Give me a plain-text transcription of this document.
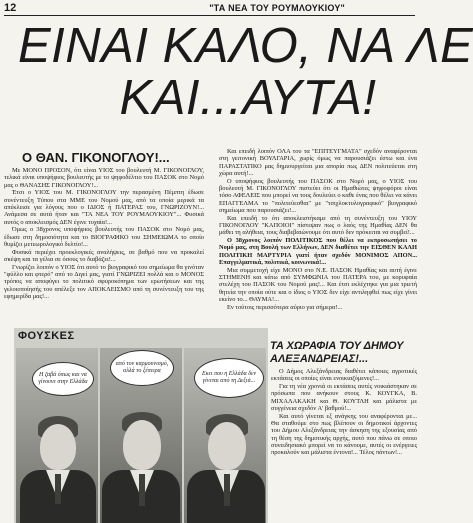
12	"ΤΑ ΝΕΑ ΤΟΥ ΡΟΥΜΛΟΥΚΙΟΥ"
ΕΙΝΑΙ ΚΑΛΟ, ΝΑ ΛΕ
ΚΑΙ...ΑΥΤΑ!
Ο ΘΑΝ. ΓΙΚΟΝΟΓΛΟΥ!...

Με ΜΟΝΟ ΠΡΟΣΟΝ, ότι είναι ΥΙΟΣ του βουλευτή Μ. ΓΙΚΟΝΟΓΛΟΥ, τελικά είναι υποψήφιος βουλευτής με το ψηφοδέλτιο του ΠΑΣΟΚ στο Νομό μας ο ΘΑΝΑΣΗΣ ΓΙΚΟΝΟΓΛΟΥ!...

Έτσι ο ΥΙΟΣ του Μ. ΓΙΚΟΝΟΓΛΟΥ την περασμένη Πέμπτη έδωσε συνέντευξη Τύπου στα ΜΜΕ του Νομού μας, από τα οποία μερικά τα απέκλεισε για λόγους που ο ΙΔΙΟΣ ή ΠΑΤΕΡΑΣ του, ΓΝΩΡΙΖΟΥΝ!... Ανάμεσα σε αυτά ήταν και "ΤΑ ΝΕΑ ΤΟΥ ΡΟΥΜΛΟΥΚΙΟΥ"... Φυσικά αυτός ο αποκλεισμός ΔΕΝ έγινε τυχαία!...

Όμως ο 38χρονος υποψήφιος βουλευτής του ΠΑΣΟΚ στο Νομό μας, έδωσε στη δημοσιότητα και το ΒΙΟΓΡΑΦΙΚΟ του ΣΗΜΕΙΩΜΑ το οποίο θυμίζει μετεωρολογικό δελτίο!...

Φυσικά περιέχει προεκλογικές αναλήψεις, σε βαθμό που να προκαλεί σκέψη και τα γέλια σε όσους το διαβάζει!...

Γνωρίζει λοιπόν ο ΥΙΟΣ ότι αυτό το βιογραφικό του σημείωμα θα γινόταν "φύλλο και φτερό" από το Διγεί μας, γιατί ΓΝΩΡΙΖΕΙ πολλά και ο ΜΟΝΟΣ τρόπος να αποφύγει το πολιτικό σφυροκόπημα των ερωτήσεων και της γελοιοποίησής του απέλεξε τον ΑΠΟΚΛΕΙΣΜΟ από τη συνέντευξη του της εφημερίδα μας!...

Και επειδή λοιπόν ΟΛΑ του τα "ΕΠΙΤΕΥΓΜΑΤΑ" σχεδόν αναφέρονται στη γειτονική ΒΟΥΛΓΑΡΙΑ, χωρίς όμως να παρουσιάζει έστω και ένα ΠΑΡΑΣΤΑΤΙΚΟ μας δημιουργείται μια απορία πως ΔΕΝ πολιτεύεται στη χώρα αυτή!...

Ο υποψήφιος βουλευτής του ΠΑΣΟΚ στο Νομό μας, ο ΥΙΟΣ του βουλευτή Μ. ΓΙΚΟΝΟΓΛΟΥ πιστεύει ότι οι Ημαθιώτες ψηφοφόροι είναι τόσο ΑΦΕΛΕΙΣ που μπορεί να τους δουλεύει ο καθε ένας που θέλει να κάνει ΕΠΑΓΓΕΛΜΑ το "πολιτεύεσθαι" με "τσιχλοκτυλογραφικό" βιογραφικό σημείωμα που παρουσιάζει!...

Και επειδή το ότι αποκλειστήκαμε από τη συνέντευξη του ΥΙΟΥ ΓΙΚΟΝΟΓΛΟΥ "ΚΑΠΟΙΟΙ" πίστεψαν πως ο λαός της Ημαθίας ΔΕΝ θα μάθει τη αλήθεια, τους διαβεβαιώνουμε ότι αυτό δεν πρόκειται να συμβεί!...

Ο 38χρονος λοιπόν ΠΟΛΙΤΙΚΟΣ που θέλει να εκπροσωπήσει το Νομό μας, στη Βουλή των Ελλήνων, ΔΕΝ διαθέτει την ΕΙΣΘΕΝ ΚΑΛΗ ΠΟΛΙΤΙΚΗ ΜΑΡΤΥΡΙΑ γιατί ήταν σχεδόν ΜΟΝΙΜΟΣ ΑΠΟΝ... Επαγγελματικά, πολιτικά, κοινωνικά!...

Μια συμμετοχή είχε ΜΟΝΟ στο Ν.Ε. ΠΑΣΟΚ Ημαθίας και αυτή έγινε ΣΤΗΜΕΝΗ και κάτω από ΣΥΜΦΩΝΙΑ του ΠΑΤΕΡΑ του, με κορυφαία στελέχη του ΠΑΣΟΚ του Νομού μας!... Και έτσι εκλέχτηκε για μια τριετή θητεία την οποία ούτε και ο ίδιος ο ΥΙΟΣ δεν είχε αντιληφθεί πως είχε γίνει εκείνο το... ΘΑΥΜΑ!...

Εν τούτοις περισσότερα αύριο για σήμερα!...

Η ζαβά όπως και να γίνουνε στην Ελλάδα
από τον καρμουνισμό, αλλά το ξέπειρα	Εκει που η Ελλάδα δεν γίνεται από τη Δεξιά...
ΦΟΥΣΚΕΣ
ΤΑ ΧΩΡΑΦΙΑ ΤΟΥ ΔΗΜΟΥ ΑΛΕΞΑΝΔΡΕΙΑΣ!...

Ο Δήμος Αλεξάνδρειας διαθέτει κάποιες αγροτικές εκτάσεις οι οποίες είναι ενοικιαζόμενες!...

Για τη νέα χρονιά οι εκτάσεις αυτές νοικιάστηκαν σε πρόσωπα που ανήκουν στους Κ. ΚΟΥΓΚΑ, Β. ΜΙΧΑΛΑΚΑΚΗ και Θ. ΚΟΥΤΛΗ και μάλιστα με συγγένεια σχεδόν Α' βαθμού!...

Και αυτό γίνεται εξ ανάγκης του αναφέρονται με... Θα σταθούμε στο πως βλέπουν οι δημοτικοί άρχοντες του Δήμου Αλεξάνδρειας την άσκηση της εξουσίας από τη θέση της δημοτικής αρχής, αυτό που πάνω σε οποιο συνειδησιακό μπορεί να το κάνουμε, αυτές οι ενέργειες προκαλούν και μάλιστα έντονα!... Τέλος πάντων!...
